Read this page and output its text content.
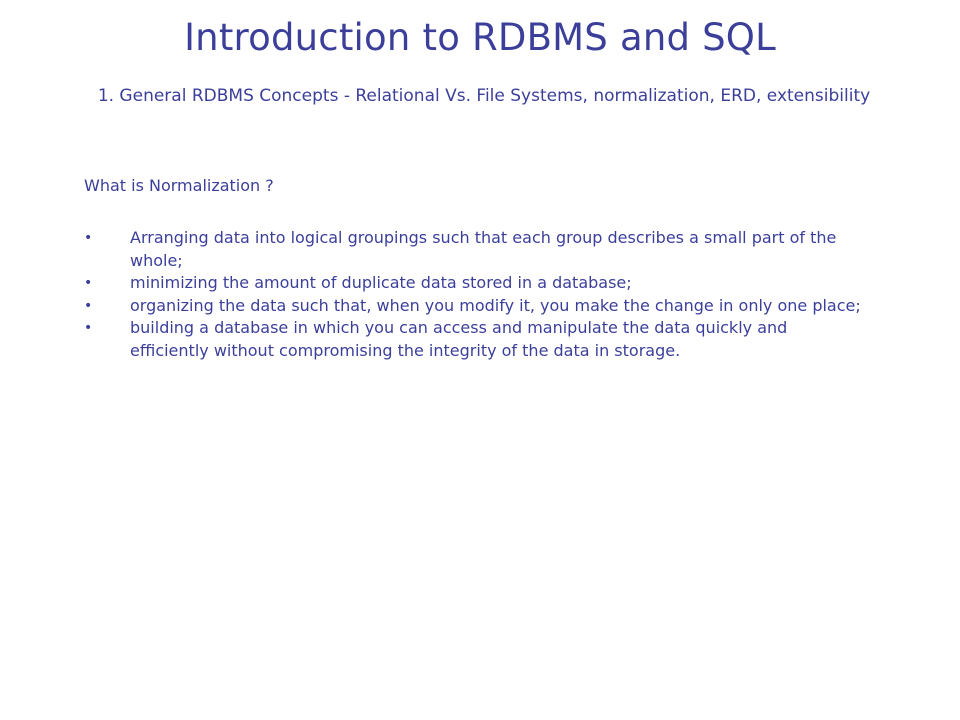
Introduction to RDBMS and SQL
1. General RDBMS Concepts - Relational Vs. File Systems, normalization, ERD, extensibility
What is Normalization ?
•	Arranging data into logical groupings such that each group describes a small part of the whole;
•	minimizing the amount of duplicate data stored in a database;
•	organizing the data such that, when you modify it, you make the change in only one place;
•	building a database in which you can access and manipulate the data quickly and efficiently without compromising the integrity of the data in storage.
